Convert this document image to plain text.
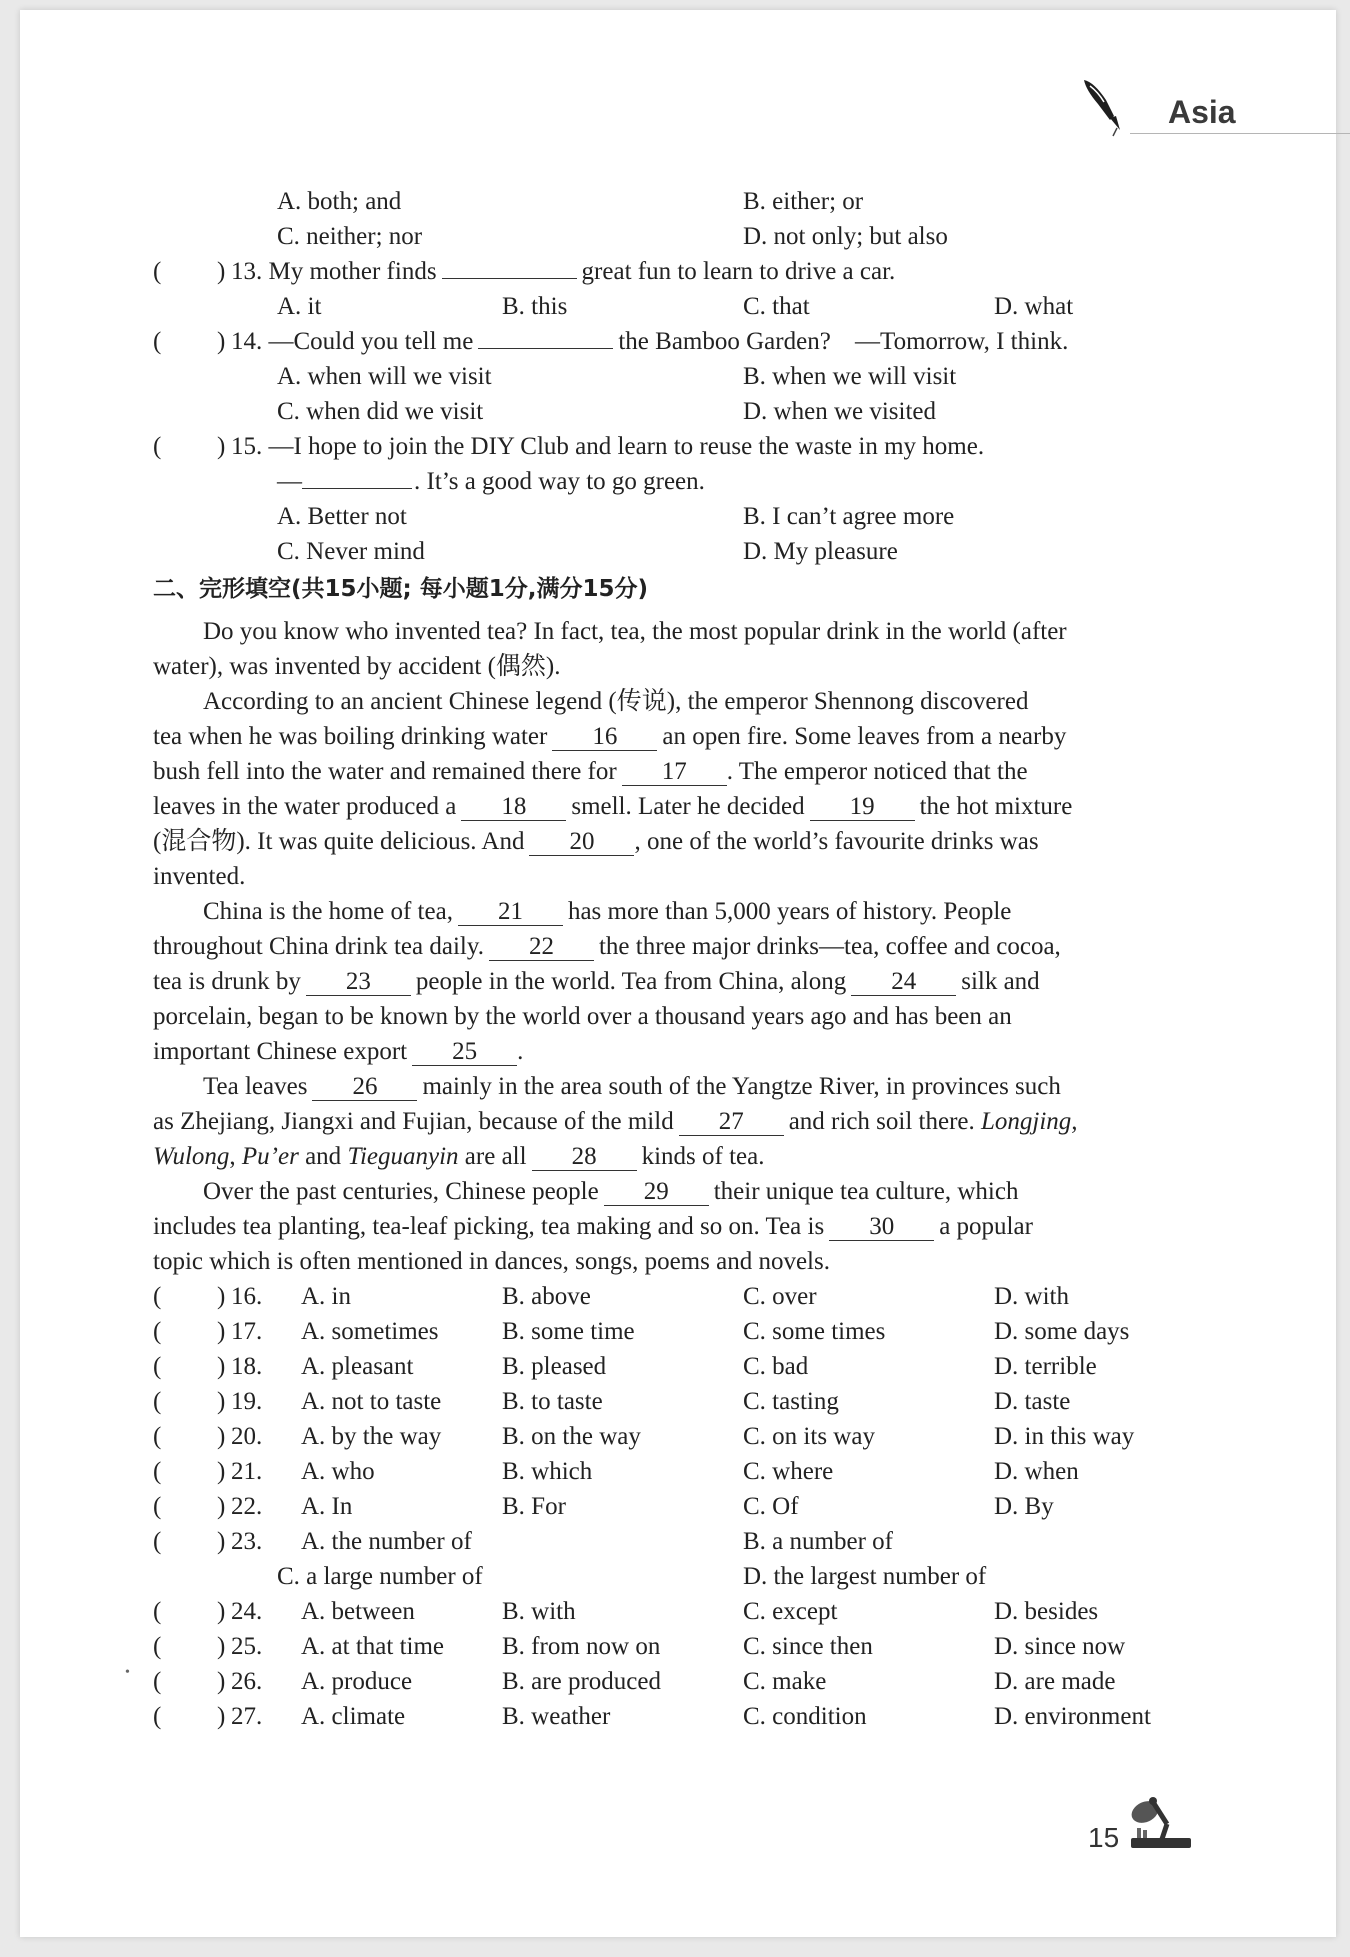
Asia
A. both; and	B. either; or
C. neither; nor	D. not only; but also
( ) 13. My mother finds	great fun to learn to drive a car.
A. it	B. this	C. that	D. what
( ) 14. —Could you tell me	the Bamboo Garden? —Tomorrow, I think.
A. when will we visit	B. when we will visit
C. when did we visit	D. when we visited
( ) 15. —I hope to join the DIY Club and learn to reuse the waste in my home.
—	. It’s a good way to go green.
A. Better not	B. I can’t agree more
C. Never mind	D. My pleasure
二、完形填空(共15小题; 每小题1分,满分15分)
Do you know who invented tea? In fact, tea, the most popular drink in the world (after
water), was invented by accident (偶然).
According to an ancient Chinese legend (传说), the emperor Shennong discovered
tea when he was boiling drinking water 16 an open fire. Some leaves from a nearby
bush fell into the water and remained there for 17 . The emperor noticed that the
leaves in the water produced a 18 smell. Later he decided 19 the hot mixture
(混合物). It was quite delicious. And 20 , one of the world’s favourite drinks was
invented.
China is the home of tea, 21 has more than 5,000 years of history. People
throughout China drink tea daily. 22 the three major drinks—tea, coffee and cocoa,
tea is drunk by 23 people in the world. Tea from China, along 24 silk and
porcelain, began to be known by the world over a thousand years ago and has been an
important Chinese export 25 .
Tea leaves 26 mainly in the area south of the Yangtze River, in provinces such
as Zhejiang, Jiangxi and Fujian, because of the mild 27 and rich soil there. Longjing,
Wulong, Pu’er and Tieguanyin are all 28 kinds of tea.
Over the past centuries, Chinese people 29 their unique tea culture, which
includes tea planting, tea-leaf picking, tea making and so on. Tea is 30 a popular
topic which is often mentioned in dances, songs, poems and novels.
( ) 16. A. in	B. above	C. over	D. with
( ) 17. A. sometimes	B. some time	C. some times	D. some days
( ) 18. A. pleasant	B. pleased	C. bad	D. terrible
( ) 19. A. not to taste B. to taste	C. tasting	D. taste
( ) 20. A. by the way B. on the way	C. on its way	D. in this way
( ) 21. A. who	B. which	C. where	D. when
( ) 22. A. In	B. For	C. Of	D. By
( ) 23. A. the number of	B. a number of
C. a large number of	D. the largest number of
( ) 24. A. between	B. with	C. except	D. besides
( ) 25. A. at that time B. from now on	C. since then	D. since now
( ) 26. A. produce	B. are produced	C. make	D. are made
( ) 27. A. climate	B. weather	C. condition	D. environment
•
15
